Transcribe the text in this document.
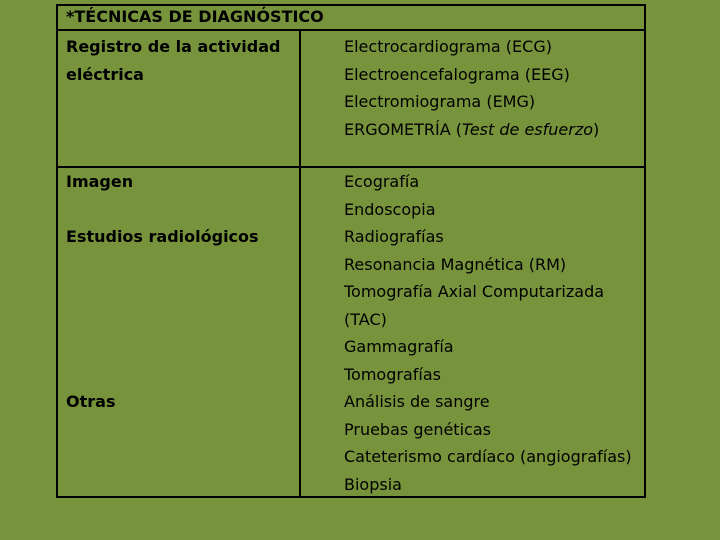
*TÉCNICAS DE DIAGNÓSTICO
Registro de la actividad
eléctrica
Electrocardiograma (ECG)
Electroencefalograma (EEG)
Electromiograma (EMG)
ERGOMETRÍA (Test de esfuerzo)
Imagen
Estudios radiológicos
Otras
Ecografía
Endoscopia
Radiografías
Resonancia Magnética (RM)
Tomografía Axial Computarizada
(TAC)
Gammagrafía
Tomografías
Análisis de sangre
Pruebas genéticas
Cateterismo cardíaco (angiografías)
Biopsia
